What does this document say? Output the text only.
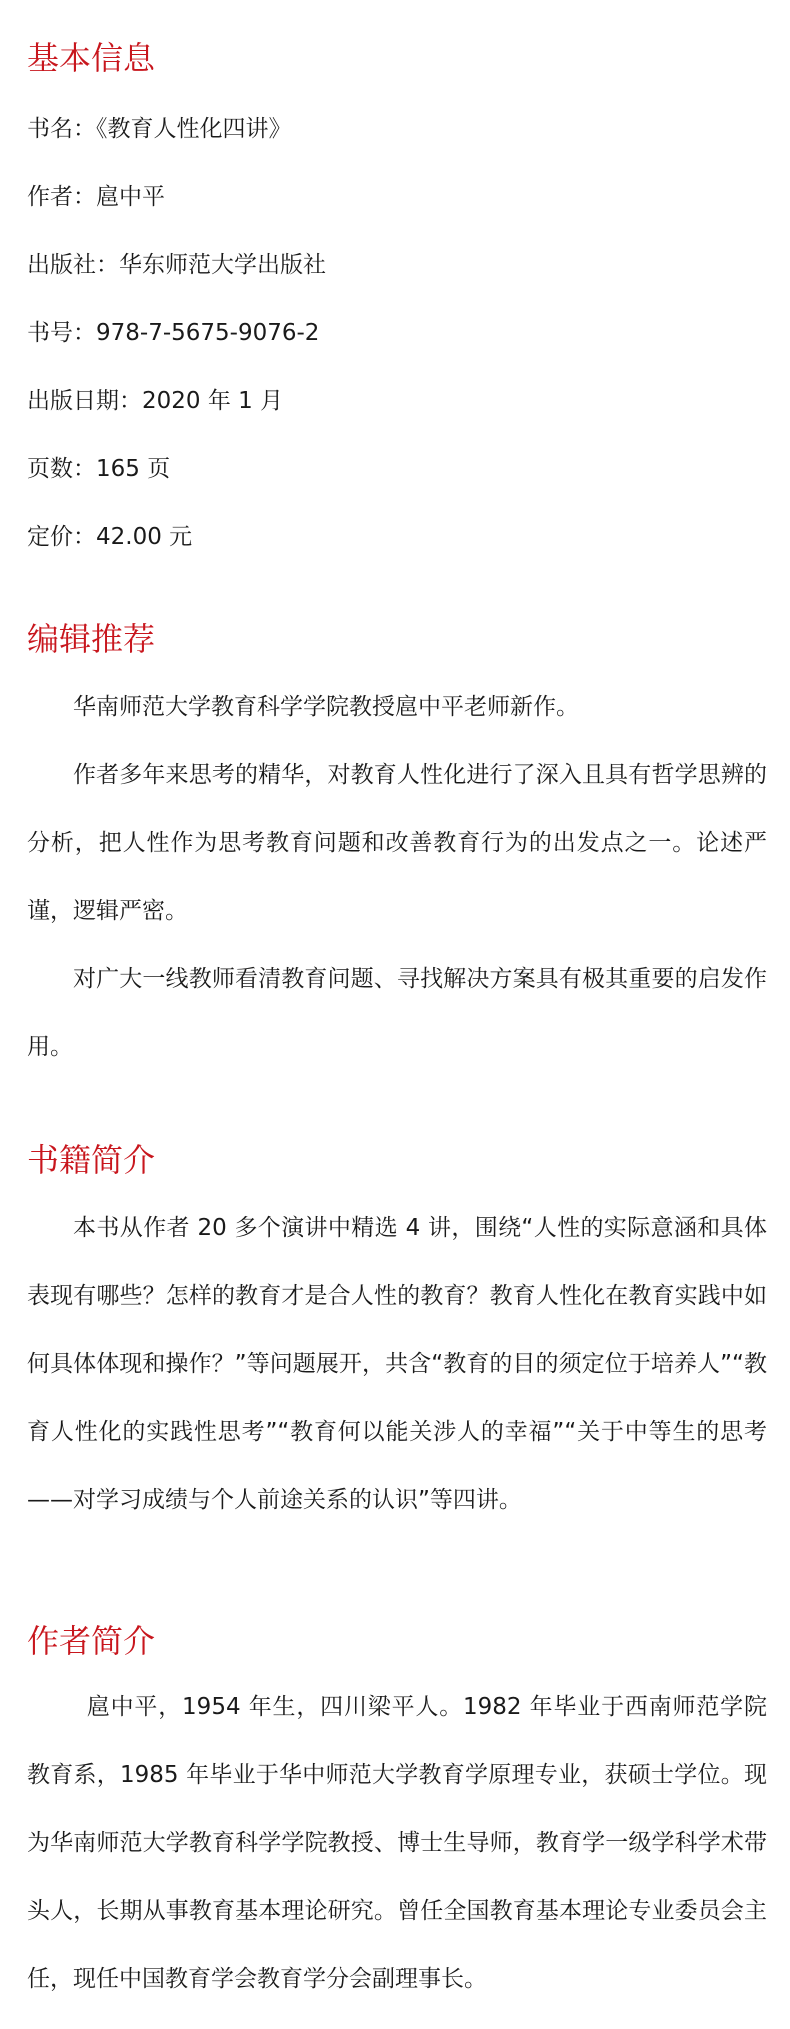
基本信息

书名：《教育人性化四讲》

作者：扈中平

出版社：华东师范大学出版社

书号：978-7-5675-9076-2

出版日期：2020 年 1 月

页数：165 页

定价：42.00 元

编辑推荐

华南师范大学教育科学学院教授扈中平老师新作。

作者多年来思考的精华，对教育人性化进行了深入且具有哲学思辨的分析，把人性作为思考教育问题和改善教育行为的出发点之一。论述严谨，逻辑严密。

对广大一线教师看清教育问题、寻找解决方案具有极其重要的启发作用。

书籍简介

本书从作者 20 多个演讲中精选 4 讲，围绕“人性的实际意涵和具体表现有哪些？怎样的教育才是合人性的教育？教育人性化在教育实践中如何具体体现和操作？”等问题展开，共含“教育的目的须定位于培养人”“教育人性化的实践性思考”“教育何以能关涉人的幸福”“关于中等生的思考——对学习成绩与个人前途关系的认识”等四讲。

作者简介

扈中平，1954 年生，四川梁平人。1982 年毕业于西南师范学院教育系，1985 年毕业于华中师范大学教育学原理专业，获硕士学位。现为华南师范大学教育科学学院教授、博士生导师，教育学一级学科学术带头人，长期从事教育基本理论研究。曾任全国教育基本理论专业委员会主任，现任中国教育学会教育学分会副理事长。
